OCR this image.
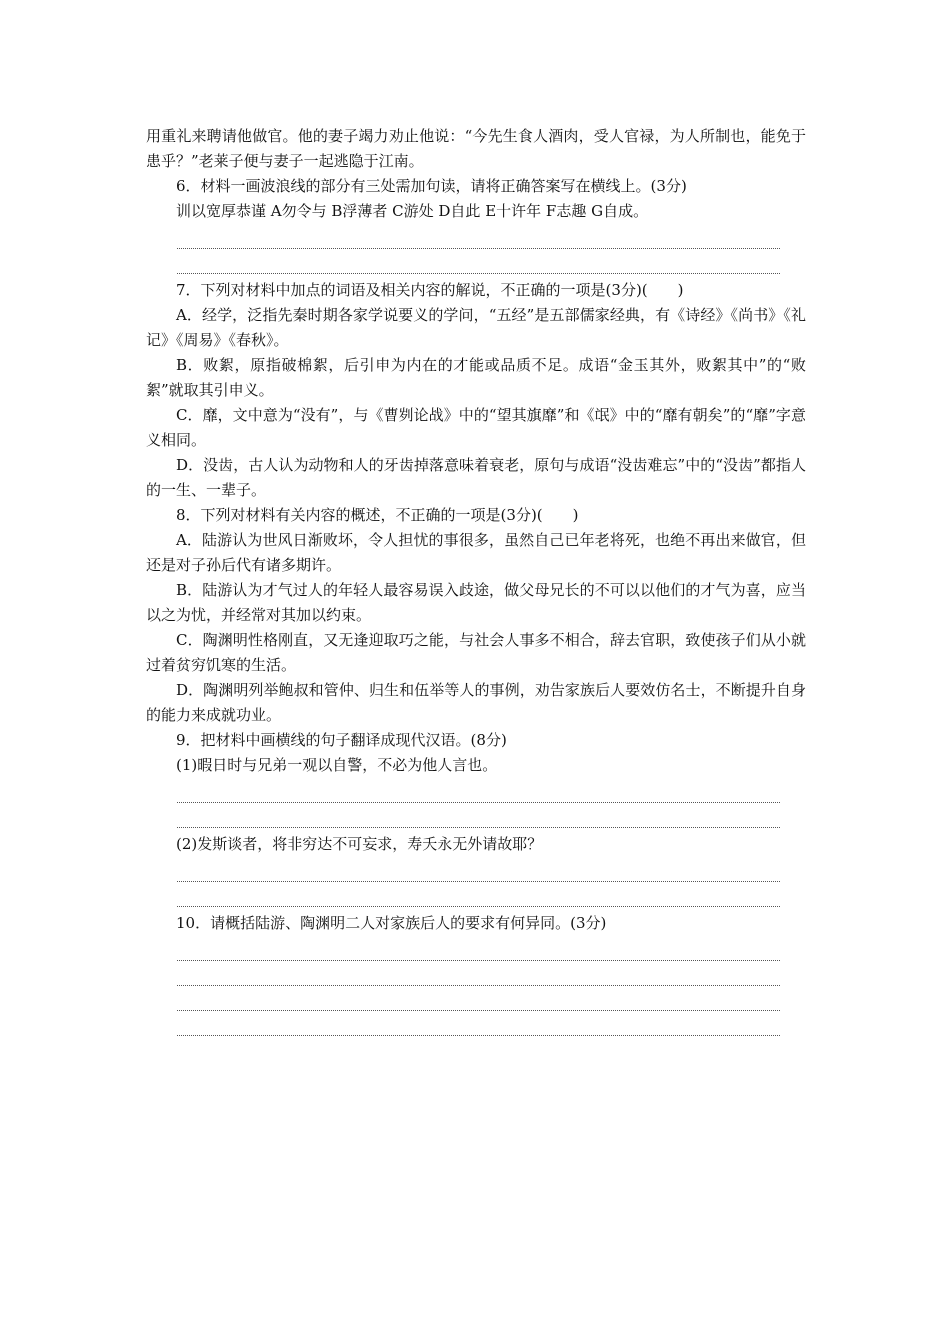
用重礼来聘请他做官。他的妻子竭力劝止他说：“今先生食人酒肉，受人官禄，为人所制也，能免于患乎？”老莱子便与妻子一起逃隐于江南。

6．材料一画波浪线的部分有三处需加句读，请将正确答案写在横线上。(3分)

训以宽厚恭谨 A勿令与 B浮薄者 C游处 D自此 E十许年 F志趣 G自成。

7．下列对材料中加点的词语及相关内容的解说，不正确的一项是(3分)(　　)

A．经学，泛指先秦时期各家学说要义的学问，“五经”是五部儒家经典，有《诗经》《尚书》《礼记》《周易》《春秋》。

B．败絮，原指破棉絮，后引申为内在的才能或品质不足。成语“金玉其外，败絮其中”的“败絮”就取其引申义。

C．靡，文中意为“没有”，与《曹刿论战》中的“望其旗靡”和《氓》中的“靡有朝矣”的“靡”字意义相同。

D．没齿，古人认为动物和人的牙齿掉落意味着衰老，原句与成语“没齿难忘”中的“没齿”都指人的一生、一辈子。

8．下列对材料有关内容的概述，不正确的一项是(3分)(　　)

A．陆游认为世风日渐败坏，令人担忧的事很多，虽然自己已年老将死，也绝不再出来做官，但还是对子孙后代有诸多期许。

B．陆游认为才气过人的年轻人最容易误入歧途，做父母兄长的不可以以他们的才气为喜，应当以之为忧，并经常对其加以约束。

C．陶渊明性格刚直，又无逢迎取巧之能，与社会人事多不相合，辞去官职，致使孩子们从小就过着贫穷饥寒的生活。

D．陶渊明列举鲍叔和管仲、归生和伍举等人的事例，劝告家族后人要效仿名士，不断提升自身的能力来成就功业。

9．把材料中画横线的句子翻译成现代汉语。(8分)

(1)暇日时与兄弟一观以自警，不必为他人言也。

(2)发斯谈者，将非穷达不可妄求，寿夭永无外请故耶？

10．请概括陆游、陶渊明二人对家族后人的要求有何异同。(3分)
